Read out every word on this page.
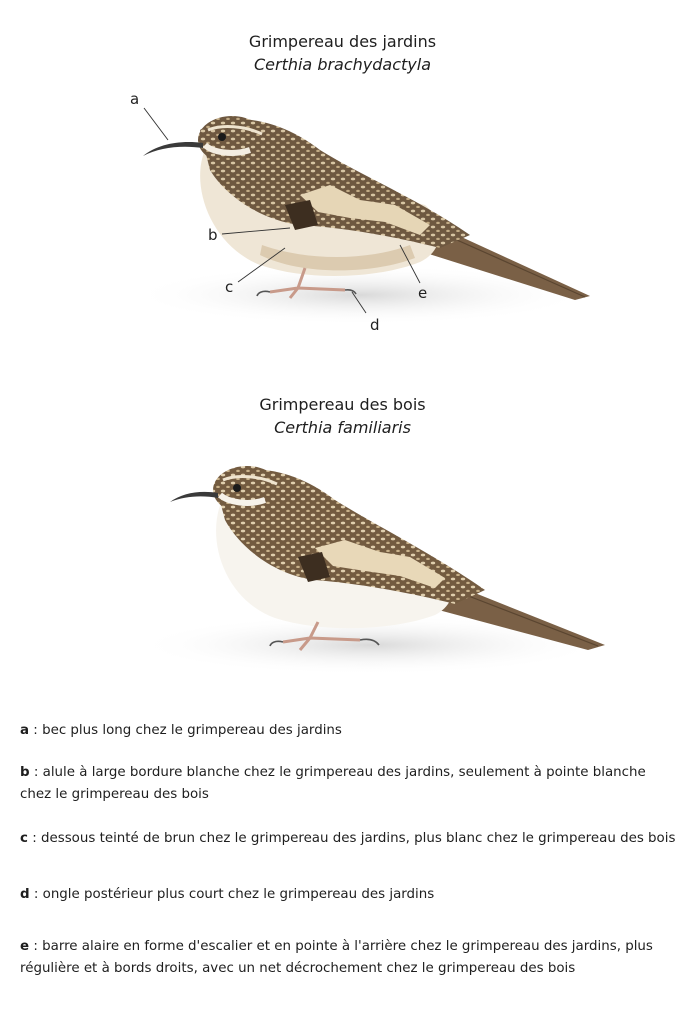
Grimpereau des jardins
Certhia brachydactyla
a
b
c
d
e
Grimpereau des bois
Certhia familiaris
a : bec plus long chez le grimpereau des jardins
b : alule à large bordure blanche chez le grimpereau des jardins, seulement à pointe blanche chez le grimpereau des bois
c : dessous teinté de brun chez le grimpereau des jardins, plus blanc chez le grimpereau des bois
d : ongle postérieur plus court chez le grimpereau des jardins
e : barre alaire en forme d'escalier et en pointe à l'arrière chez le grimpereau des jardins, plus régulière et à bords droits, avec un net décrochement chez le grimpereau des bois
